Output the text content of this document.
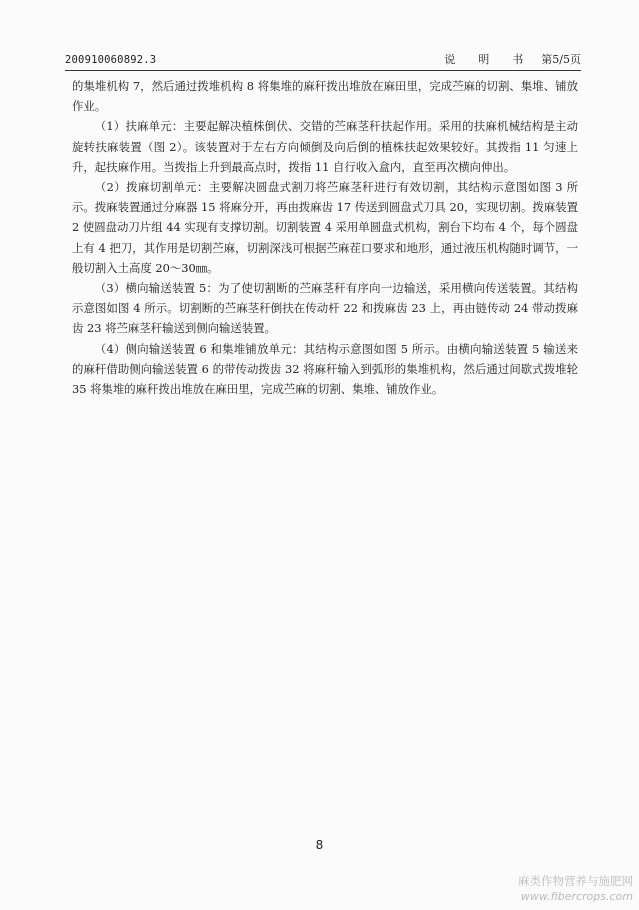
200910060892.3	说　明　书 第5/5页

的集堆机构 7，然后通过拨堆机构 8 将集堆的麻秆拨出堆放在麻田里，完成苎麻的切割、集堆、铺放作业。

（1）扶麻单元：主要起解决植株倒伏、交错的苎麻茎秆扶起作用。采用的扶麻机械结构是主动旋转扶麻装置（图 2）。该装置对于左右方向倾倒及向后倒的植株扶起效果较好。其拨指 11 匀速上升，起扶麻作用。当拨指上升到最高点时，拨指 11 自行收入盒内，直至再次横向伸出。

（2）拨麻切割单元：主要解决圆盘式割刀将苎麻茎秆进行有效切割，其结构示意图如图 3 所示。拨麻装置通过分麻器 15 将麻分开，再由拨麻齿 17 传送到圆盘式刀具 20，实现切割。拨麻装置 2 使圆盘动刀片组 44 实现有支撑切割。切割装置 4 采用单圆盘式机构，割台下均布 4 个，每个圆盘上有 4 把刀，其作用是切割苎麻，切割深浅可根据苎麻茬口要求和地形，通过液压机构随时调节，一般切割入土高度 20～30㎜。

（3）横向输送装置 5：为了使切割断的苎麻茎秆有序向一边输送，采用横向传送装置。其结构示意图如图 4 所示。切割断的苎麻茎秆倒扶在传动杆 22 和拨麻齿 23 上，再由链传动 24 带动拨麻齿 23 将苎麻茎秆输送到侧向输送装置。

（4）侧向输送装置 6 和集堆铺放单元：其结构示意图如图 5 所示。由横向输送装置 5 输送来的麻秆借助侧向输送装置 6 的带传动拨齿 32 将麻秆输入到弧形的集堆机构，然后通过间歇式拨堆轮 35 将集堆的麻秆拨出堆放在麻田里，完成苎麻的切割、集堆、铺放作业。

8
麻类作物营养与施肥网
www.fibercrops.com
